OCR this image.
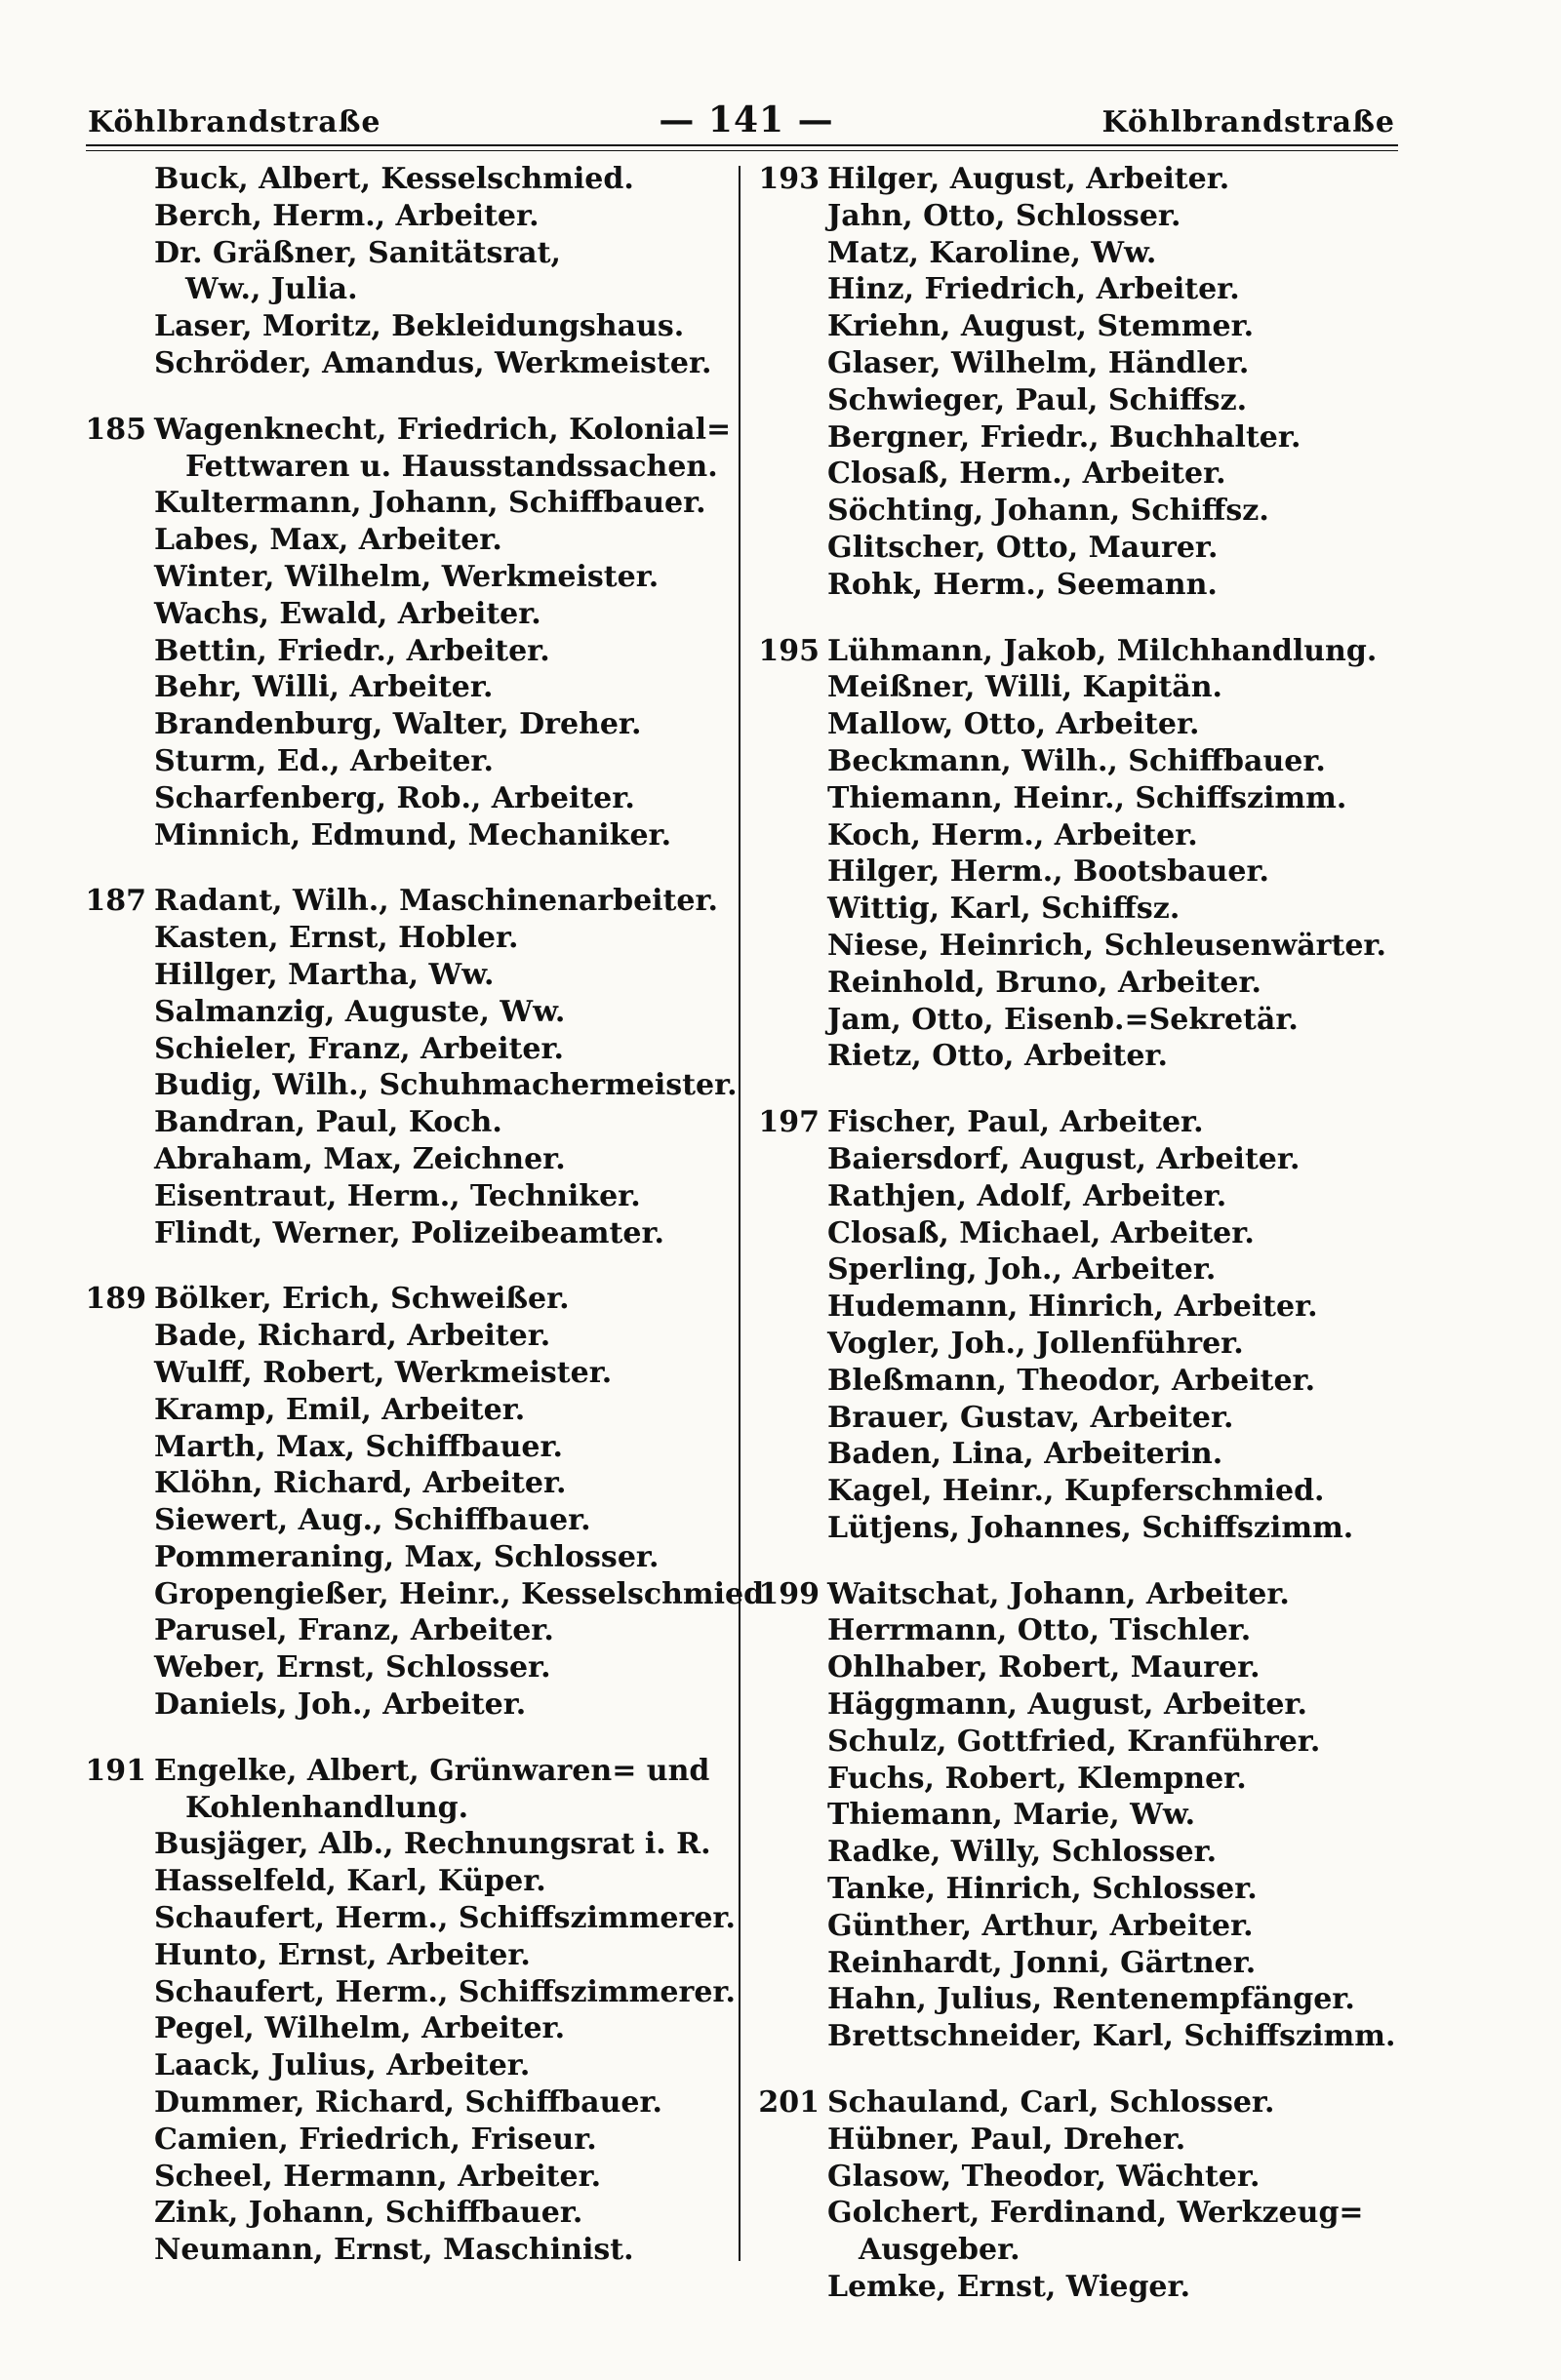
Köhlbrandstraße	— 141 —	Köhlbrandstraße
Buck, Albert, Kesselschmied.
Berch, Herm., Arbeiter.
Dr. Gräßner, Sanitätsrat,
Ww., Julia.
Laser, Moritz, Bekleidungshaus.
Schröder, Amandus, Werkmeister.
185 Wagenknecht, Friedrich, Kolonial=
Fettwaren u. Hausstandssachen.
Kultermann, Johann, Schiffbauer.
Labes, Max, Arbeiter.
Winter, Wilhelm, Werkmeister.
Wachs, Ewald, Arbeiter.
Bettin, Friedr., Arbeiter.
Behr, Willi, Arbeiter.
Brandenburg, Walter, Dreher.
Sturm, Ed., Arbeiter.
Scharfenberg, Rob., Arbeiter.
Minnich, Edmund, Mechaniker.
187 Radant, Wilh., Maschinenarbeiter.
Kasten, Ernst, Hobler.
Hillger, Martha, Ww.
Salmanzig, Auguste, Ww.
Schieler, Franz, Arbeiter.
Budig, Wilh., Schuhmachermeister.
Bandran, Paul, Koch.
Abraham, Max, Zeichner.
Eisentraut, Herm., Techniker.
Flindt, Werner, Polizeibeamter.
189 Bölker, Erich, Schweißer.
Bade, Richard, Arbeiter.
Wulff, Robert, Werkmeister.
Kramp, Emil, Arbeiter.
Marth, Max, Schiffbauer.
Klöhn, Richard, Arbeiter.
Siewert, Aug., Schiffbauer.
Pommeraning, Max, Schlosser.
Gropengießer, Heinr., Kesselschmied
Parusel, Franz, Arbeiter.
Weber, Ernst, Schlosser.
Daniels, Joh., Arbeiter.
191 Engelke, Albert, Grünwaren= und
Kohlenhandlung.
Busjäger, Alb., Rechnungsrat i. R.
Hasselfeld, Karl, Küper.
Schaufert, Herm., Schiffszimmerer.
Hunto, Ernst, Arbeiter.
Schaufert, Herm., Schiffszimmerer.
Pegel, Wilhelm, Arbeiter.
Laack, Julius, Arbeiter.
Dummer, Richard, Schiffbauer.
Camien, Friedrich, Friseur.
Scheel, Hermann, Arbeiter.
Zink, Johann, Schiffbauer.
Neumann, Ernst, Maschinist.
193 Hilger, August, Arbeiter.
Jahn, Otto, Schlosser.
Matz, Karoline, Ww.
Hinz, Friedrich, Arbeiter.
Kriehn, August, Stemmer.
Glaser, Wilhelm, Händler.
Schwieger, Paul, Schiffsz.
Bergner, Friedr., Buchhalter.
Closaß, Herm., Arbeiter.
Söchting, Johann, Schiffsz.
Glitscher, Otto, Maurer.
Rohk, Herm., Seemann.
195 Lühmann, Jakob, Milchhandlung.
Meißner, Willi, Kapitän.
Mallow, Otto, Arbeiter.
Beckmann, Wilh., Schiffbauer.
Thiemann, Heinr., Schiffszimm.
Koch, Herm., Arbeiter.
Hilger, Herm., Bootsbauer.
Wittig, Karl, Schiffsz.
Niese, Heinrich, Schleusenwärter.
Reinhold, Bruno, Arbeiter.
Jam, Otto, Eisenb.=Sekretär.
Rietz, Otto, Arbeiter.
197 Fischer, Paul, Arbeiter.
Baiersdorf, August, Arbeiter.
Rathjen, Adolf, Arbeiter.
Closaß, Michael, Arbeiter.
Sperling, Joh., Arbeiter.
Hudemann, Hinrich, Arbeiter.
Vogler, Joh., Jollenführer.
Bleßmann, Theodor, Arbeiter.
Brauer, Gustav, Arbeiter.
Baden, Lina, Arbeiterin.
Kagel, Heinr., Kupferschmied.
Lütjens, Johannes, Schiffszimm.
199 Waitschat, Johann, Arbeiter.
Herrmann, Otto, Tischler.
Ohlhaber, Robert, Maurer.
Häggmann, August, Arbeiter.
Schulz, Gottfried, Kranführer.
Fuchs, Robert, Klempner.
Thiemann, Marie, Ww.
Radke, Willy, Schlosser.
Tanke, Hinrich, Schlosser.
Günther, Arthur, Arbeiter.
Reinhardt, Jonni, Gärtner.
Hahn, Julius, Rentenempfänger.
Brettschneider, Karl, Schiffszimm.
201 Schauland, Carl, Schlosser.
Hübner, Paul, Dreher.
Glasow, Theodor, Wächter.
Golchert, Ferdinand, Werkzeug=
Ausgeber.
Lemke, Ernst, Wieger.
